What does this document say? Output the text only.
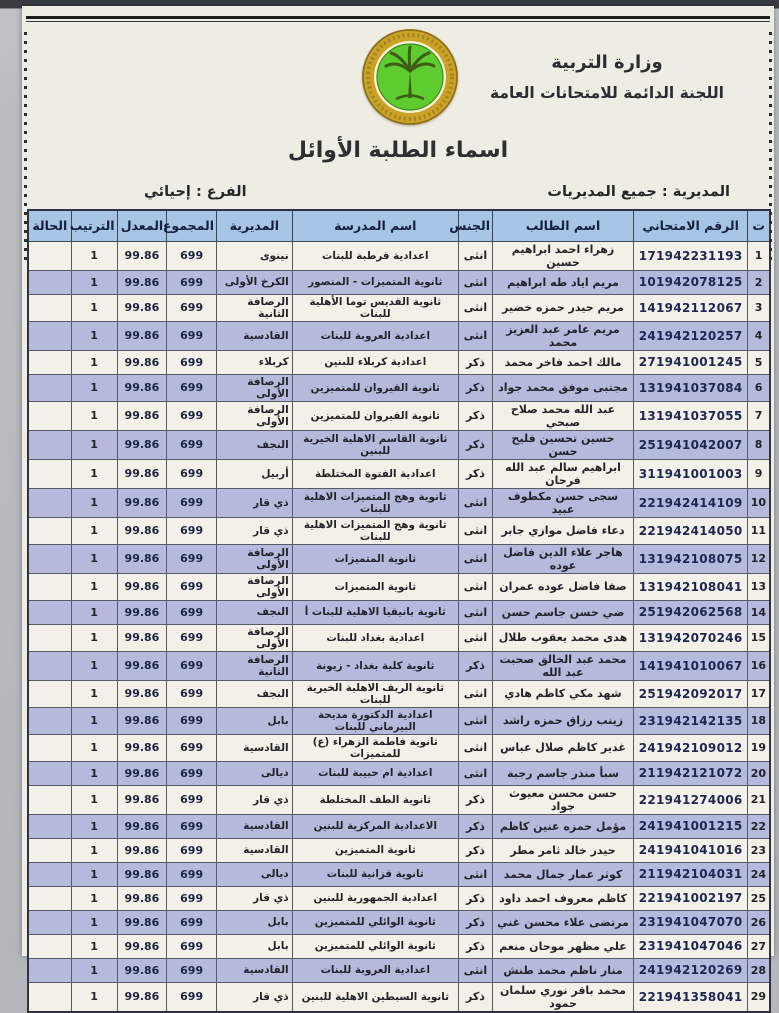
وزارة التربية
اللجنة الدائمة للامتحانات العامة
اسماء الطلبة الأوائل
المديرية : جميع المديريات
الفرع : إحيائي
ت	الرقم الامتحاني	اسم الطالب	الجنس	اسم المدرسة	المديرية	المجموع	المعدل	الترتيب	الحالة
1	171942231193	زهراء احمد ابراهيم حسين	انثى	اعدادية قرطبة للبنات	نينوى	699	99.86	1	
2	101942078125	مريم اياد طه ابراهيم	انثى	ثانوية المتميزات - المنصور	الكرخ الأولى	699	99.86	1	
3	141942112067	مريم حيدر حمزه خضير	انثى	ثانوية القديس توما الأهلية للبنات	الرصافة الثانية	699	99.86	1	
4	241942120257	مريم عامر عبد العزيز محمد	انثى	اعدادية العروبة للبنات	القادسية	699	99.86	1	
5	271941001245	مالك احمد فاخر محمد	ذكر	اعدادية كربلاء للبنين	كربلاء	699	99.86	1	
6	131941037084	مجتبى موفق محمد جواد	ذكر	ثانوية القيروان للمتميزين	الرصافة الأولى	699	99.86	1	
7	131941037055	عبد الله محمد صلاح صبحي	ذكر	ثانوية القيروان للمتميزين	الرصافة الأولى	699	99.86	1	
8	251941042007	حسين تحسين فليح حسن	ذكر	ثانوية القاسم الاهلية الخيرية للبنين	النجف	699	99.86	1	
9	311941001003	ابراهيم سالم عبد الله فرحان	ذكر	اعدادية الفتوة المختلطة	أربيل	699	99.86	1	
10	221942414109	سجى حسن مكطوف عبيد	انثى	ثانوية وهج المتميزات الاهلية للبنات	ذي قار	699	99.86	1	
11	221942414050	دعاء فاضل موازي جابر	انثى	ثانوية وهج المتميزات الاهلية للبنات	ذي قار	699	99.86	1	
12	131942108075	هاجر علاء الدين فاضل عوده	انثى	ثانوية المتميزات	الرصافة الأولى	699	99.86	1	
13	131942108041	صفا فاضل عوده عمران	انثى	ثانوية المتميزات	الرصافة الأولى	699	99.86	1	
14	251942062568	ضي حسن جاسم حسن	انثى	ثانوية بانيقيا الاهلية للبنات أ	النجف	699	99.86	1	
15	131942070246	هدى محمد يعقوب طلال	انثى	اعدادية بغداد للبنات	الرصافة الأولى	699	99.86	1	
16	141941010067	محمد عبد الخالق صحبت عبد الله	ذكر	ثانوية كلية بغداد - زيونة	الرصافة الثانية	699	99.86	1	
17	251942092017	شهد مكي كاظم هادي	انثى	ثانوية الريف الاهلية الخيرية للبنات	النجف	699	99.86	1	
18	231942142135	زينب رزاق حمزه راشد	انثى	اعدادية الدكتورة مديحة البيرماني للبنات	بابل	699	99.86	1	
19	241942109012	غدير كاظم صلال عباس	انثى	ثانوية فاطمة الزهراء (ع) للمتميزات	القادسية	699	99.86	1	
20	211942121072	سبأ منذر جاسم رجبة	انثى	اعدادية ام حبيبة للبنات	ديالى	699	99.86	1	
21	221941274006	حسن محسن معيوث جواد	ذكر	ثانوية الطف المختلطة	ذي قار	699	99.86	1	
22	241941001215	مؤمل حمزه عنين كاظم	ذكر	الاعدادية المركزية للبنين	القادسية	699	99.86	1	
23	241941041016	حيدر خالد ثامر مطر	ذكر	ثانوية المتميزين	القادسية	699	99.86	1	
24	211942104031	كوثر عمار جمال محمد	انثى	ثانوية قزانية للبنات	ديالى	699	99.86	1	
25	221941002197	كاظم معروف احمد داود	ذكر	اعدادية الجمهورية للبنين	ذي قار	699	99.86	1	
26	231941047070	مرتضى علاء محسن غني	ذكر	ثانوية الوائلي للمتميزين	بابل	699	99.86	1	
27	231941047046	علي مظهر موحان منعم	ذكر	ثانوية الوائلي للمتميزين	بابل	699	99.86	1	
28	241942120269	منار ناظم محمد طنش	انثى	اعدادية العروبة للبنات	القادسية	699	99.86	1	
29	221941358041	محمد باقر نوري سلمان حمود	ذكر	ثانوية السبطين الاهلية للبنين	ذي قار	699	99.86	1	
